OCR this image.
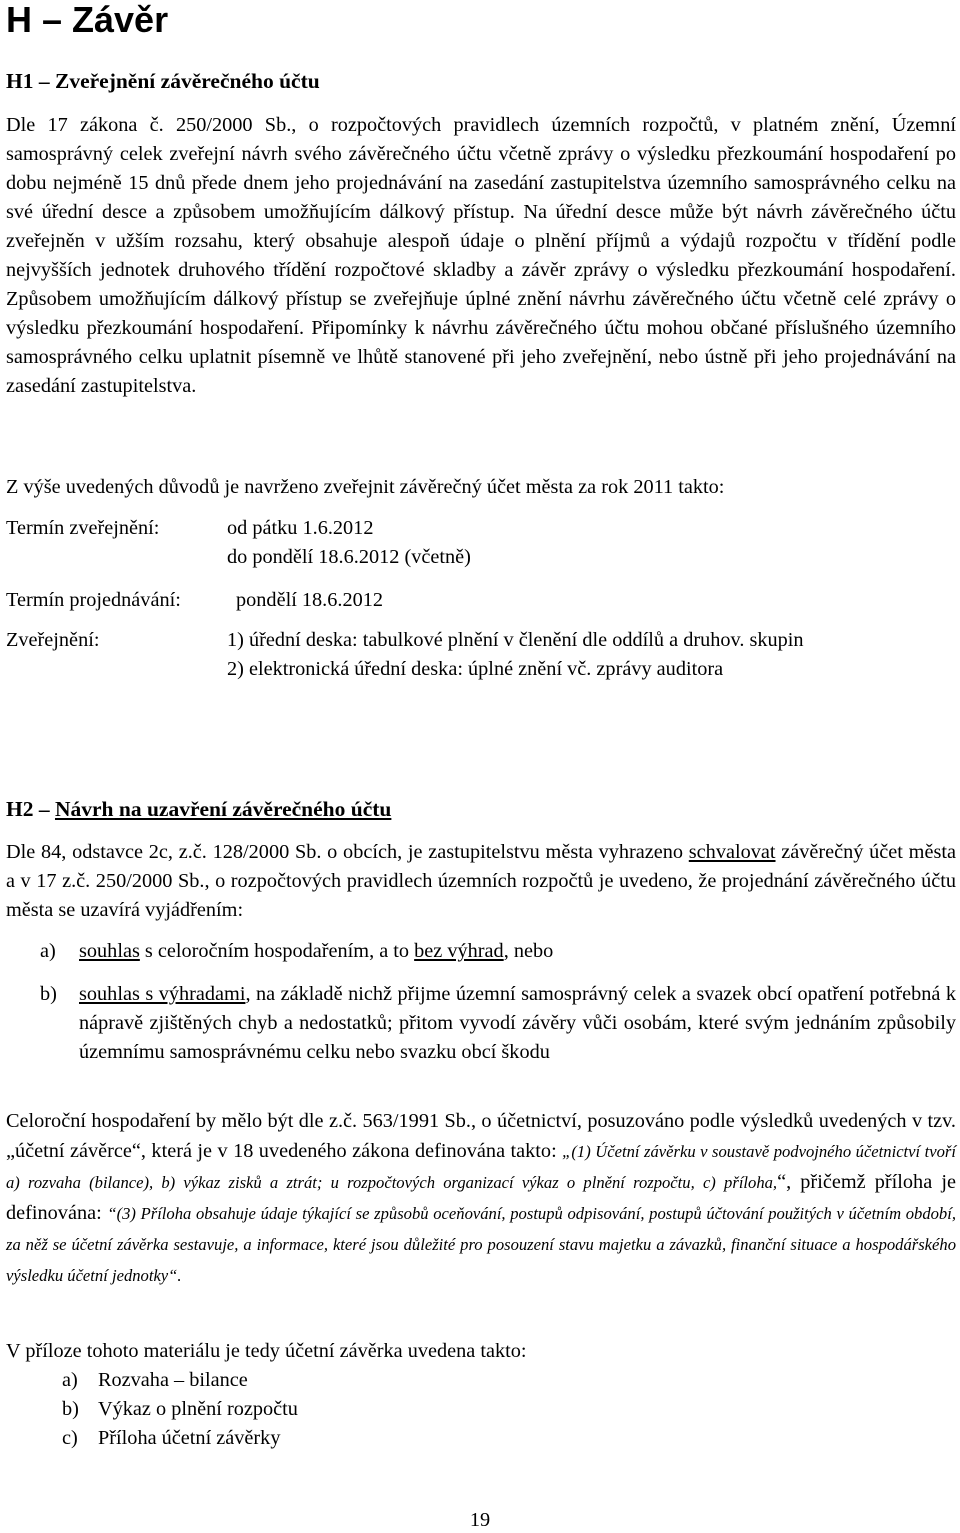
H – Závěr
H1 – Zveřejnění závěrečného účtu

Dle 17 zákona č. 250/2000 Sb., o rozpočtových pravidlech územních rozpočtů, v platném znění, Územní samosprávný celek zveřejní návrh svého závěrečného účtu včetně zprávy o výsledku přezkoumání hospodaření po dobu nejméně 15 dnů přede dnem jeho projednávání na zasedání zastupitelstva územního samosprávného celku na své úřední desce a způsobem umožňujícím dálkový přístup. Na úřední desce může být návrh závěrečného účtu zveřejněn v užším rozsahu, který obsahuje alespoň údaje o plnění příjmů a výdajů rozpočtu v třídění podle nejvyšších jednotek druhového třídění rozpočtové skladby a závěr zprávy o výsledku přezkoumání hospodaření. Způsobem umožňujícím dálkový přístup se zveřejňuje úplné znění návrhu závěrečného účtu včetně celé zprávy o výsledku přezkoumání hospodaření. Připomínky k návrhu závěrečného účtu mohou občané příslušného územního samosprávného celku uplatnit písemně ve lhůtě stanovené při jeho zveřejnění, nebo ústně při jeho projednávání na zasedání zastupitelstva.

Z výše uvedených důvodů je navrženo zveřejnit závěrečný účet města za rok 2011 takto:

Termín zveřejnění:	od pátku 1.6.2012
do pondělí 18.6.2012 (včetně)
Termín projednávání:	pondělí 18.6.2012
Zveřejnění:	1) úřední deska: tabulkové plnění v členění dle oddílů a druhov. skupin
2) elektronická úřední deska: úplné znění vč. zprávy auditora
H2 – Návrh na uzavření závěrečného účtu

Dle 84, odstavce 2c, z.č. 128/2000 Sb. o obcích, je zastupitelstvu města vyhrazeno schvalovat závěrečný účet města a v 17 z.č. 250/2000 Sb., o rozpočtových pravidlech územních rozpočtů je uvedeno, že projednání závěrečného účtu města se uzavírá vyjádřením:

a) souhlas s celoročním hospodařením, a to bez výhrad, nebo

b) souhlas s výhradami, na základě nichž přijme územní samosprávný celek a svazek obcí opatření potřebná k nápravě zjištěných chyb a nedostatků; přitom vyvodí závěry vůči osobám, které svým jednáním způsobily územnímu samosprávnému celku nebo svazku obcí škodu

Celoroční hospodaření by mělo být dle z.č. 563/1991 Sb., o účetnictví, posuzováno podle výsledků uvedených v tzv. „účetní závěrce“, která je v 18 uvedeného zákona definována takto: „(1) Účetní závěrku v soustavě podvojného účetnictví tvoří a) rozvaha (bilance), b) výkaz zisků a ztrát; u rozpočtových organizací výkaz o plnění rozpočtu, c) příloha,“, přičemž příloha je definována: “(3) Příloha obsahuje údaje týkající se způsobů oceňování, postupů odpisování, postupů účtování použitých v účetním období, za něž se účetní závěrka sestavuje, a informace, které jsou důležité pro posouzení stavu majetku a závazků, finanční situace a hospodářského výsledku účetní jednotky“.

V příloze tohoto materiálu je tedy účetní závěrka uvedena takto:

a) Rozvaha – bilance
b) Výkaz o plnění rozpočtu
c) Příloha účetní závěrky
19
